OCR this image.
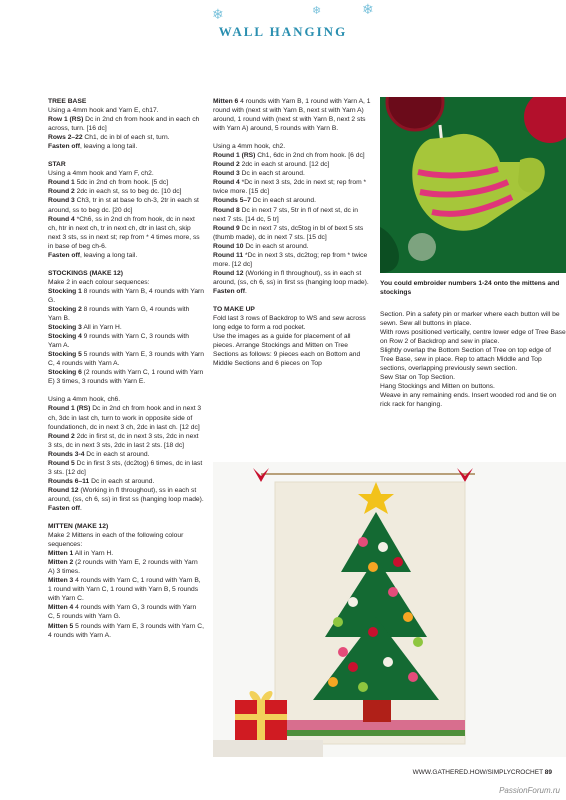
❄	❄	❄
WALL HANGING

TREE BASE

Using a 4mm hook and Yarn E, ch17.

Row 1 (RS) Dc in 2nd ch from hook and in each ch across, turn. [16 dc]

Rows 2–22 Ch1, dc in bl of each st, turn.

Fasten off, leaving a long tail.

STAR

Using a 4mm hook and Yarn F, ch2.

Round 1 5dc in 2nd ch from hook. [5 dc]

Round 2 2dc in each st, ss to beg dc. [10 dc]

Round 3 Ch3, tr in st at base fo ch-3, 2tr in each st around, ss to beg dc. [20 dc]

Round 4 *Ch6, ss in 2nd ch from hook, dc in next ch, htr in next ch, tr in next ch, dtr in last ch, skip next 3 sts, ss in next st; rep from * 4 times more, ss in base of beg ch-6.

Fasten off, leaving a long tail.

STOCKINGS (MAKE 12)

Make 2 in each colour sequences:

Stocking 1 8 rounds with Yarn B, 4 rounds with Yarn G.

Stocking 2 8 rounds with Yarn G, 4 rounds with Yarn B.

Stocking 3 All in Yarn H.

Stocking 4 9 rounds with Yarn C, 3 rounds with Yarn A.

Stocking 5 5 rounds with Yarn E, 3 rounds with Yarn C, 4 rounds with Yarn A.

Stocking 6 (2 rounds with Yarn C, 1 round with Yarn E) 3 times, 3 rounds with Yarn E.

Using a 4mm hook, ch6.

Round 1 (RS) Dc in 2nd ch from hook and in next 3 ch, 3dc in last ch, turn to work in opposite side of foundationch, dc in next 3 ch, 2dc in last ch. [12 dc]

Round 2 2dc in first st, dc in next 3 sts, 2dc in next 3 sts, dc in next 3 sts, 2dc in last 2 sts. [18 dc]

Rounds 3-4 Dc in each st around.

Round 5 Dc in first 3 sts, (dc2tog) 6 times, dc in last 3 sts. [12 dc]

Rounds 6–11 Dc in each st around.

Round 12 (Working in fl throughout), ss in each st around, (ss, ch 6, ss) in first ss (hanging loop made).

Fasten off.

MITTEN (MAKE 12)

Make 2 Mittens in each of the following colour sequences:

Mitten 1 All in Yarn H.

Mitten 2 (2 rounds with Yarn E, 2 rounds with Yarn A) 3 times.

Mitten 3 4 rounds with Yarn C, 1 round with Yarn B, 1 round with Yarn C, 1 round with Yarn B, 5 rounds with Yarn C.

Mitten 4 4 rounds with Yarn G, 3 rounds with Yarn C, 5 rounds with Yarn G.

Mitten 5 5 rounds with Yarn E, 3 rounds with Yarn C, 4 rounds with Yarn A.

Mitten 6 4 rounds with Yarn B, 1 round with Yarn A, 1 round with (next st with Yarn B, next st with Yarn A) around, 1 round with (next st with Yarn B, next 2 sts with Yarn A) around, 5 rounds with Yarn B.

Using a 4mm hook, ch2.

Round 1 (RS) Ch1, 6dc in 2nd ch from hook. [6 dc]

Round 2 2dc in each st around. [12 dc]

Round 3 Dc in each st around.

Round 4 *Dc in next 3 sts, 2dc in next st; rep from * twice more. [15 dc]

Rounds 5–7 Dc in each st around.

Round 8 Dc in next 7 sts, 5tr in fl of next st, dc in next 7 sts. [14 dc, 5 tr]

Round 9 Dc in next 7 sts, dc5tog in bl of bext 5 sts (thumb made), dc in next 7 sts. [15 dc]

Round 10 Dc in each st around.

Round 11 *Dc in next 3 sts, dc2tog; rep from * twice more. [12 dc]

Round 12 (Working in fl throughout), ss in each st around, (ss, ch 6, ss) in first ss (hanging loop made).

Fasten off.

TO MAKE UP

Fold last 3 rows of Backdrop to WS and sew across long edge to form a rod pocket.

Use the images as a guide for placement of all pieces. Arrange Stockings and Mitten on Tree Sections as follows: 9 pieces each on Bottom and Middle Sections and 6 pieces on Top

Section. Pin a safety pin or marker where each button will be sewn. Sew all buttons in place.

With rows positioned vertically, centre lower edge of Tree Base on Row 2 of Backdrop and sew in place.

Slightly overlap the Bottom Section of Tree on top edge of Tree Base, sew in place. Rep to attach Middle and Top sections, overlapping previously sewn section.

Sew Star on Top Section.

Hang Stockings and Mitten on buttons.

Weave in any remaining ends. Insert wooded rod and tie on rick rack for hanging.

You could embroider numbers 1-24 onto the mittens and stockings
WWW.GATHERED.HOW/SIMPLYCROCHET 89
PassionForum.ru
